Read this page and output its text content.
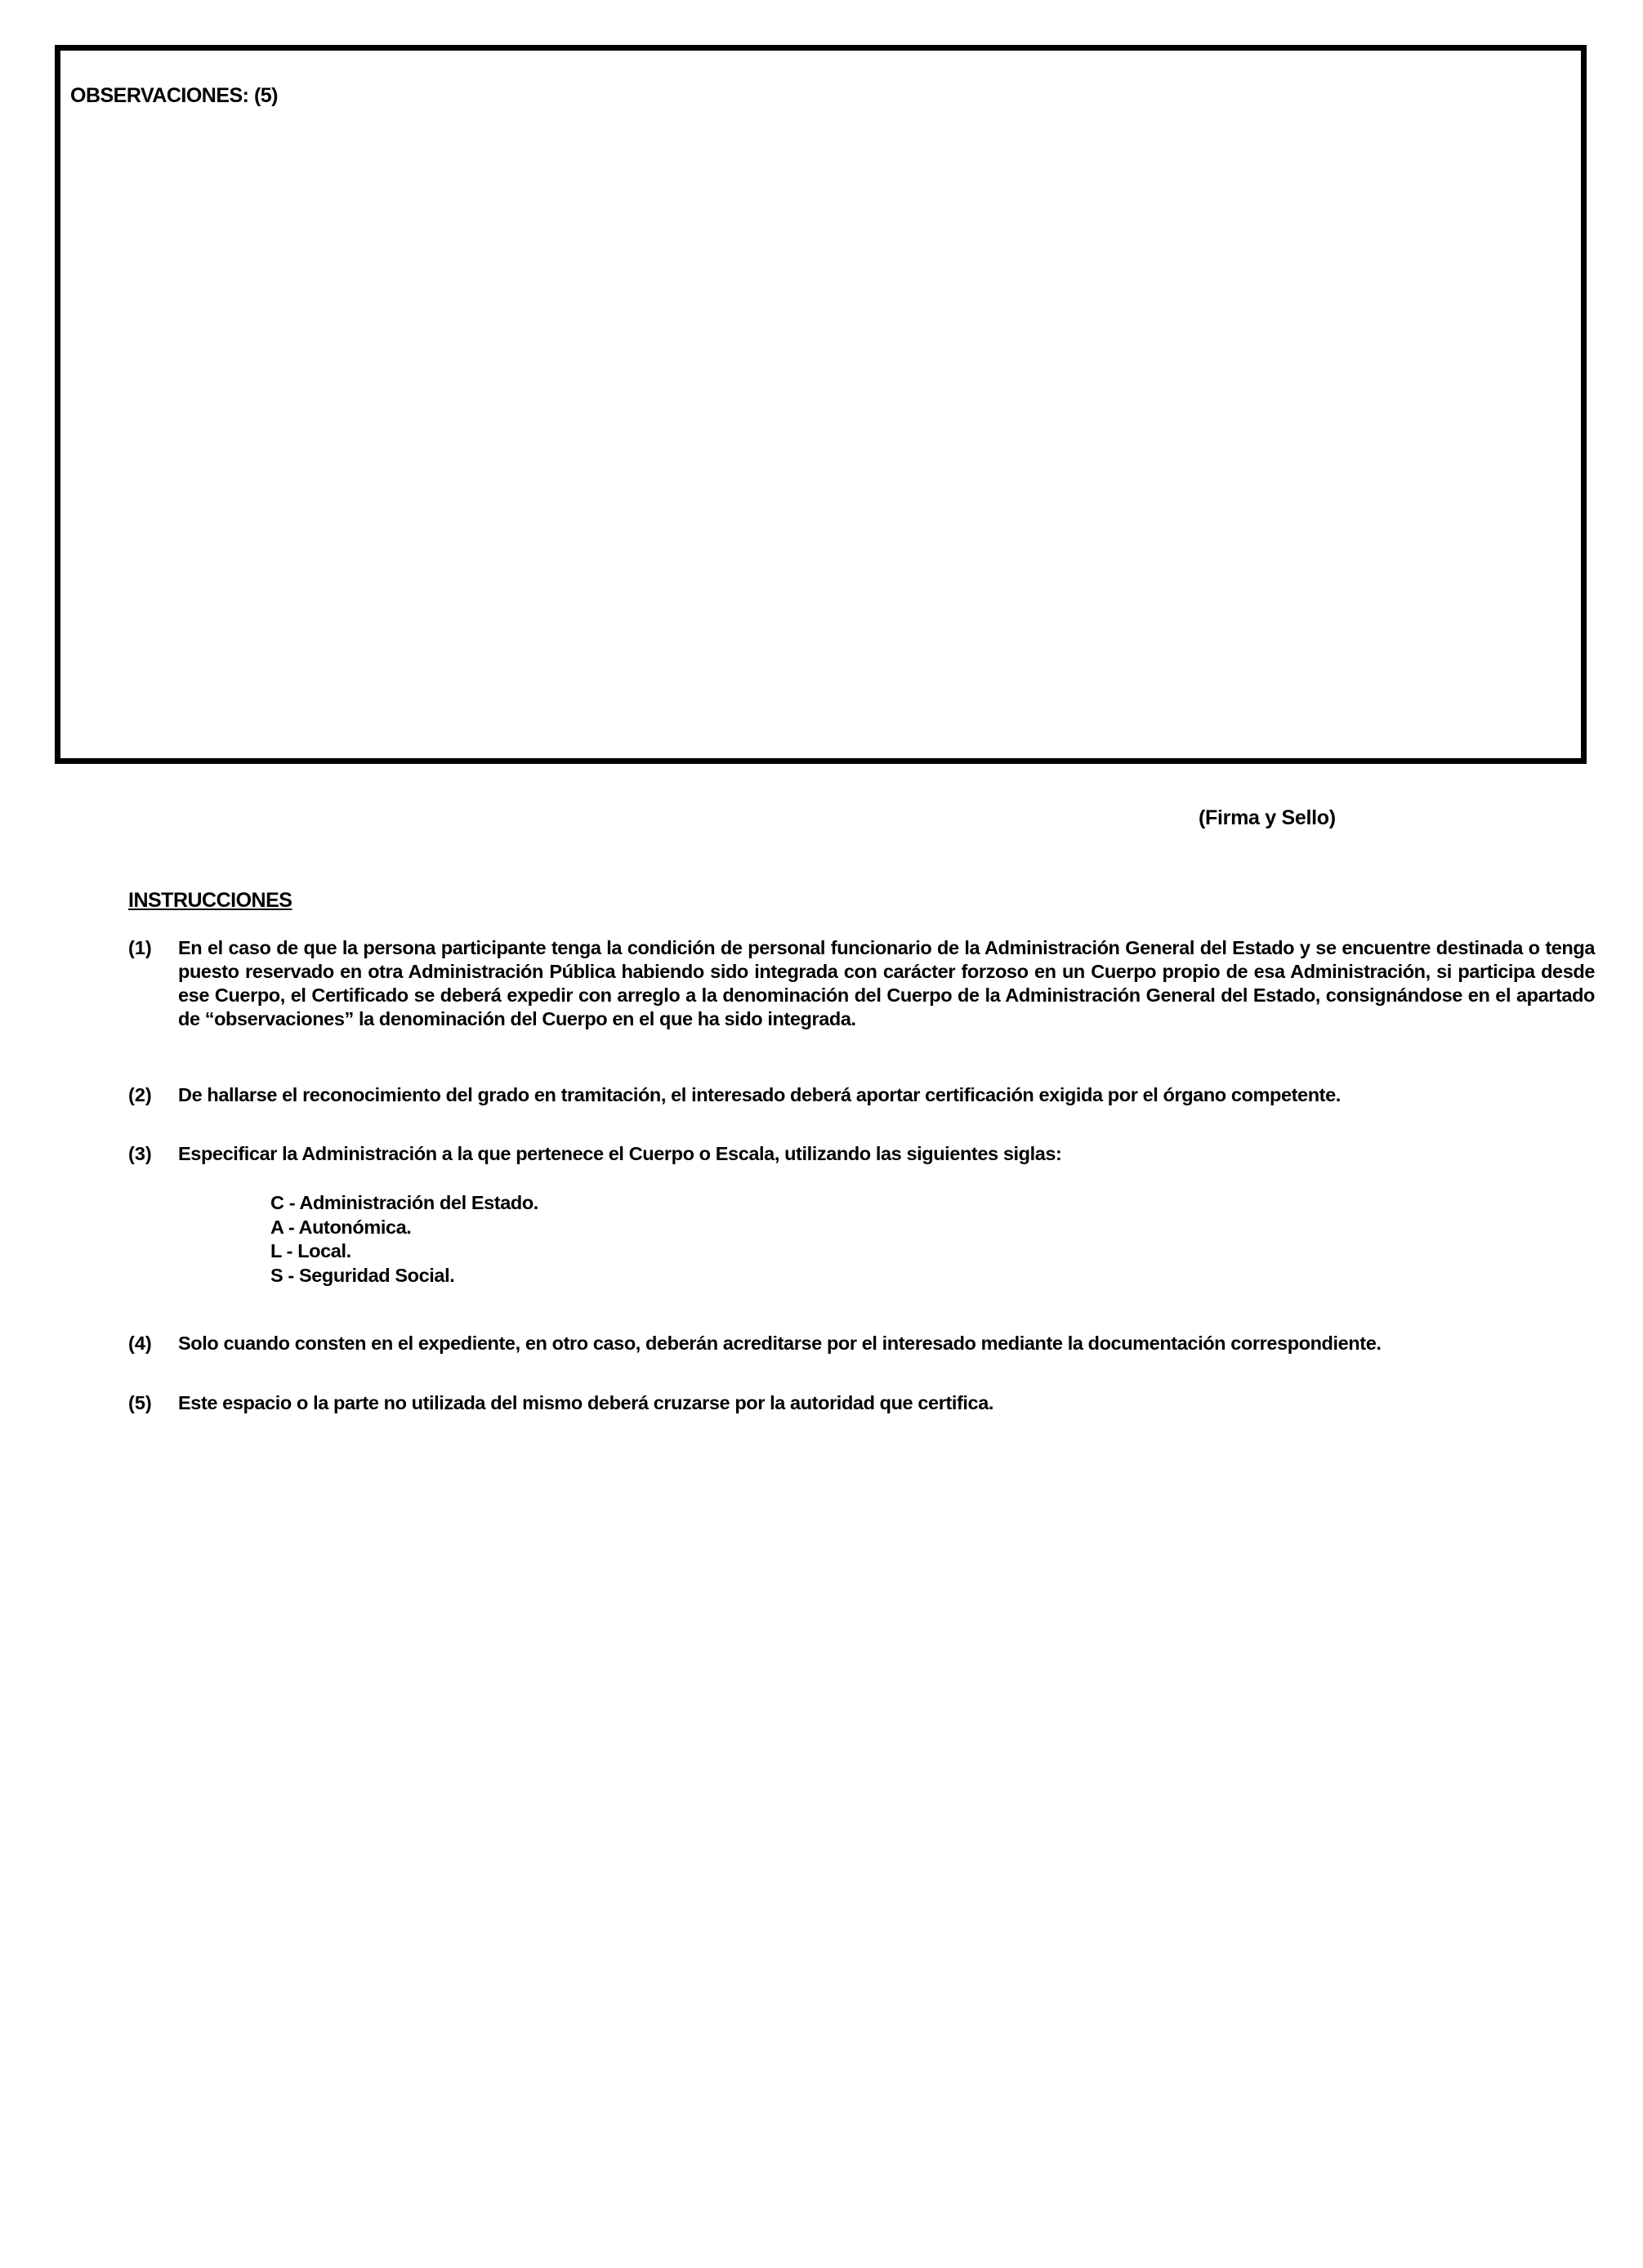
OBSERVACIONES: (5)
(Firma y Sello)
INSTRUCCIONES
(1)	En el caso de que la persona participante tenga la condición de personal funcionario de la Administración General del Estado y se encuentre destinada o tenga puesto reservado en otra Administración Pública habiendo sido integrada con carácter forzoso en un Cuerpo propio de esa Administración, si participa desde ese Cuerpo, el Certificado se deberá expedir con arreglo a la denominación del Cuerpo de la Administración General del Estado, consignándose en el apartado de “observaciones” la denominación del Cuerpo en el que ha sido integrada.
(2)	De hallarse el reconocimiento del grado en tramitación, el interesado deberá aportar certificación exigida por el órgano competente.
(3)	Especificar la Administración a la que pertenece el Cuerpo o Escala, utilizando las siguientes siglas:
C - Administración del Estado.
A - Autonómica.
L - Local.
S - Seguridad Social.
(4)	Solo cuando consten en el expediente, en otro caso, deberán acreditarse por el interesado mediante la documentación correspondiente.
(5)	Este espacio o la parte no utilizada del mismo deberá cruzarse por la autoridad que certifica.
